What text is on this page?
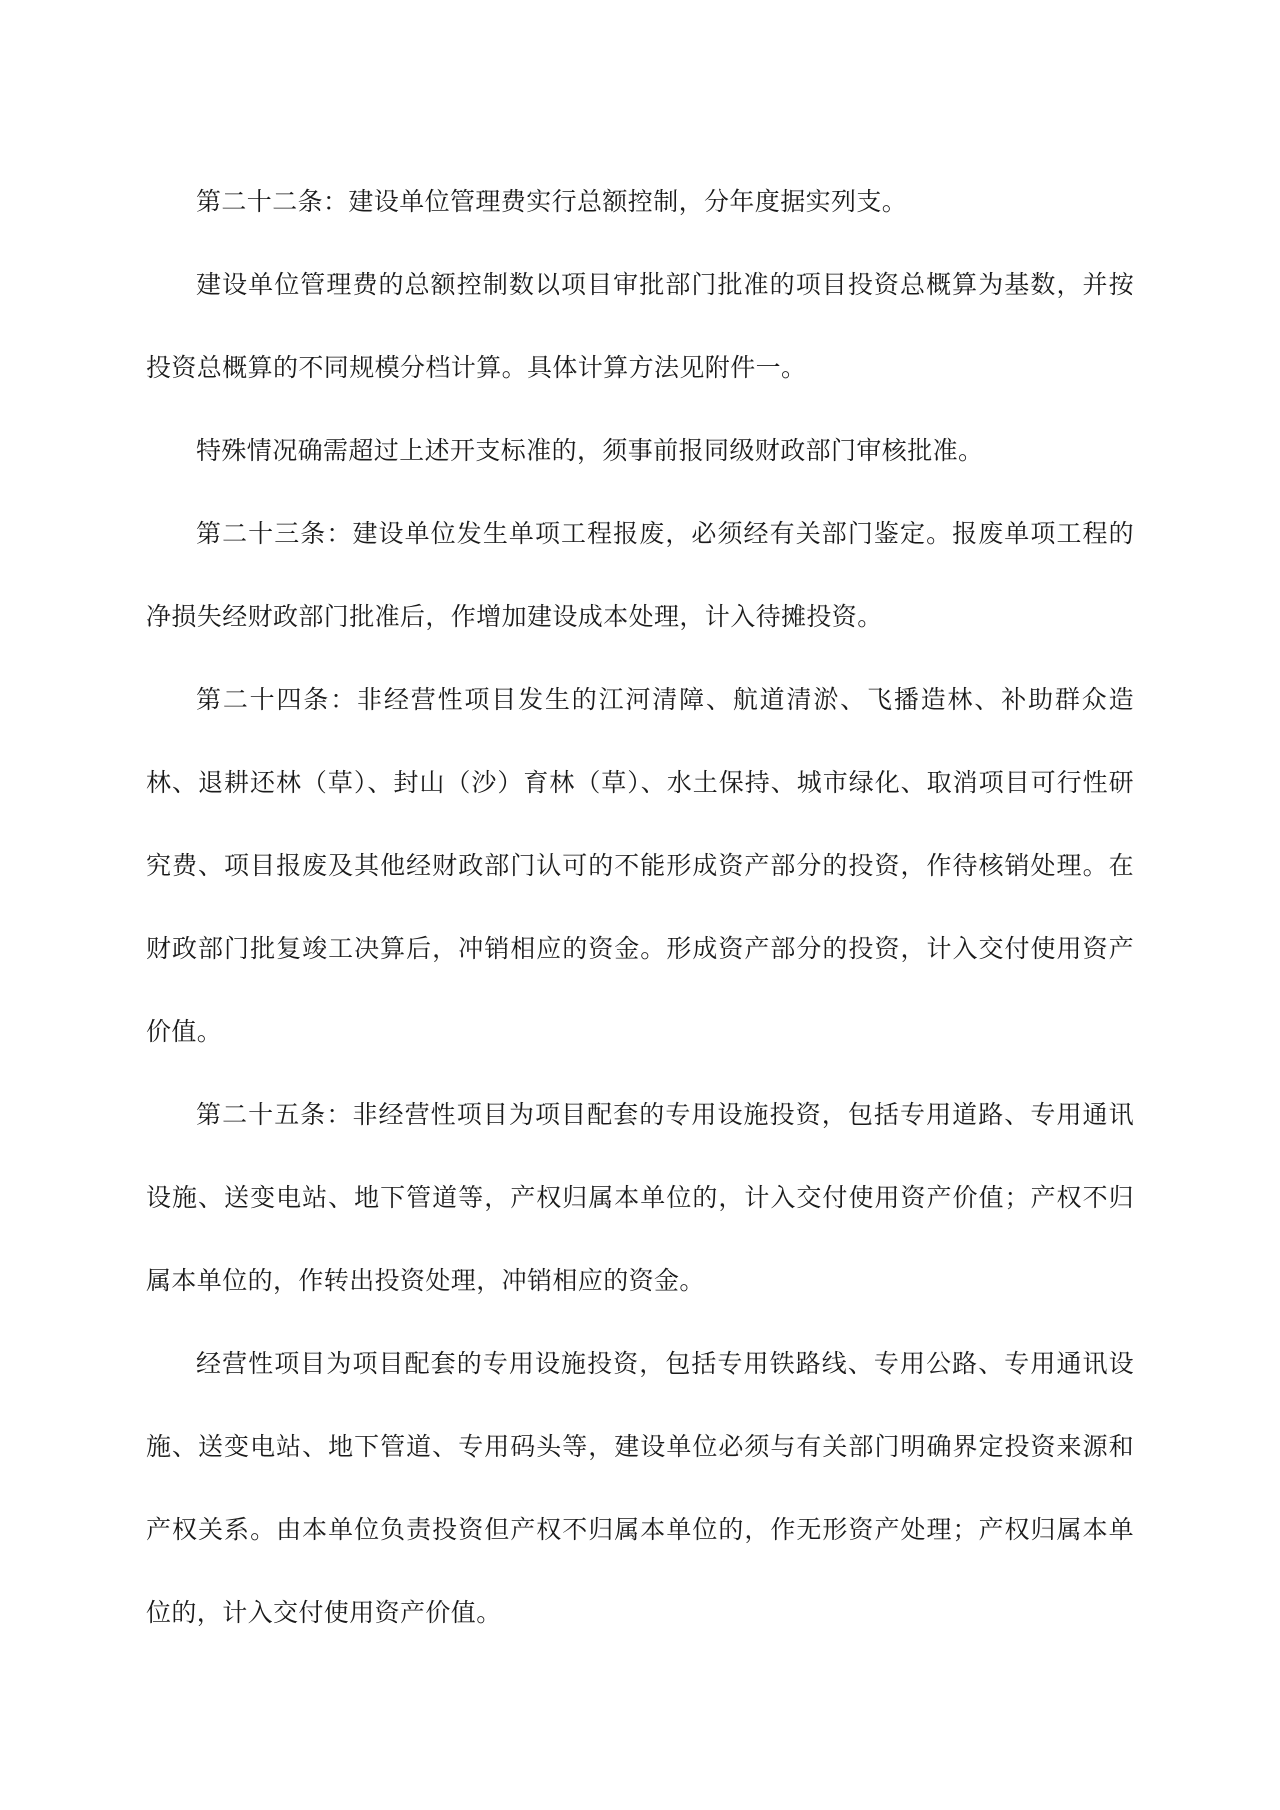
第二十二条：建设单位管理费实行总额控制，分年度据实列支。

建设单位管理费的总额控制数以项目审批部门批准的项目投资总概算为基数，并按投资总概算的不同规模分档计算。具体计算方法见附件一。

特殊情况确需超过上述开支标准的，须事前报同级财政部门审核批准。

第二十三条：建设单位发生单项工程报废，必须经有关部门鉴定。报废单项工程的净损失经财政部门批准后，作增加建设成本处理，计入待摊投资。

第二十四条：非经营性项目发生的江河清障、航道清淤、飞播造林、补助群众造林、退耕还林（草）、封山（沙）育林（草）、水土保持、城市绿化、取消项目可行性研究费、项目报废及其他经财政部门认可的不能形成资产部分的投资，作待核销处理。在财政部门批复竣工决算后，冲销相应的资金。形成资产部分的投资，计入交付使用资产价值。

第二十五条：非经营性项目为项目配套的专用设施投资，包括专用道路、专用通讯设施、送变电站、地下管道等，产权归属本单位的，计入交付使用资产价值；产权不归属本单位的，作转出投资处理，冲销相应的资金。

经营性项目为项目配套的专用设施投资，包括专用铁路线、专用公路、专用通讯设施、送变电站、地下管道、专用码头等，建设单位必须与有关部门明确界定投资来源和产权关系。由本单位负责投资但产权不归属本单位的，作无形资产处理；产权归属本单位的，计入交付使用资产价值。
